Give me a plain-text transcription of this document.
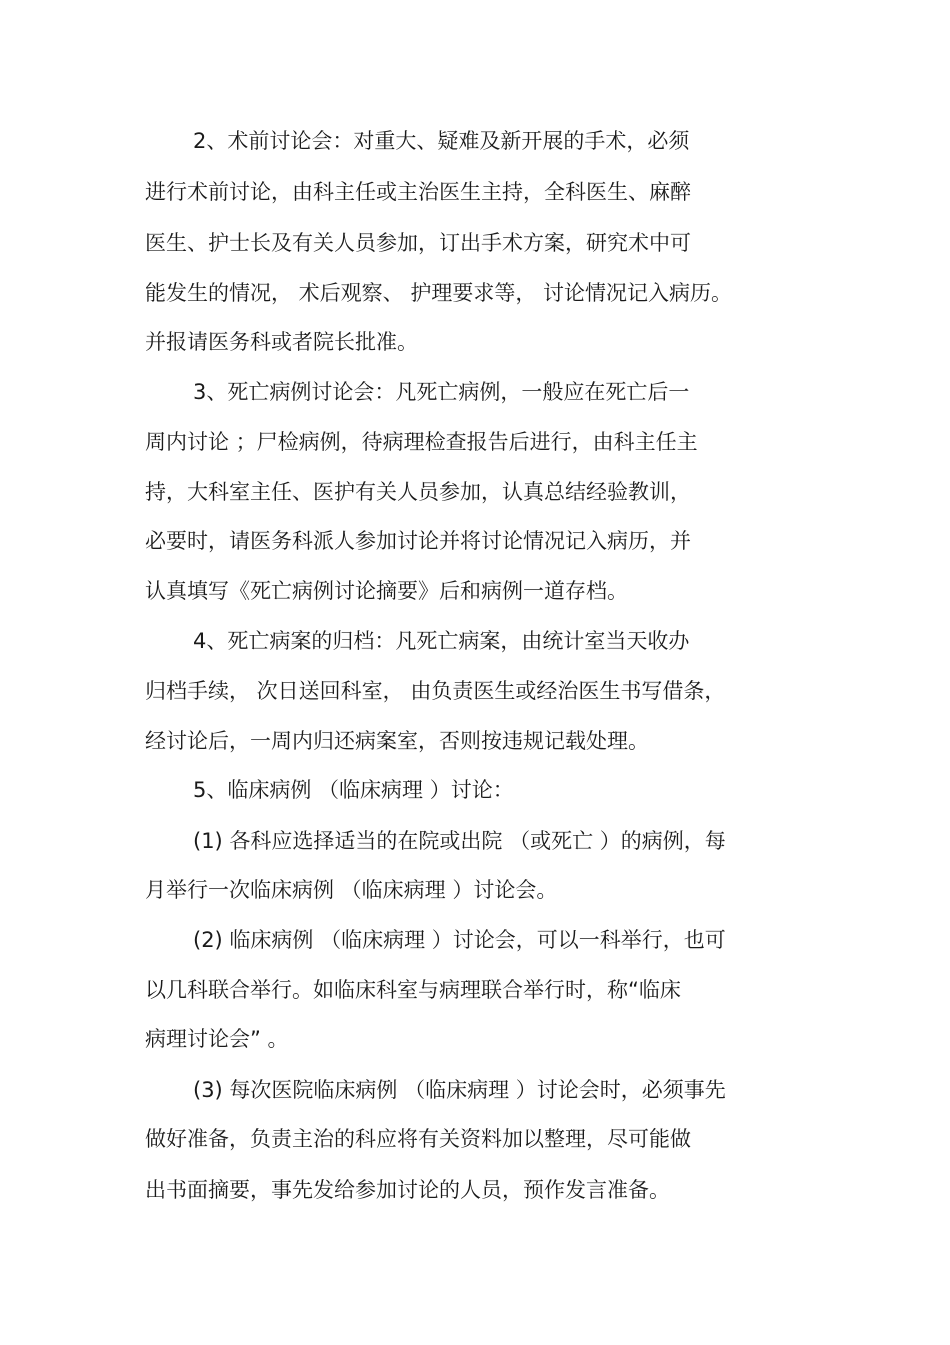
2、术前讨论会：对重大、疑难及新开展的手术，必须
进行术前讨论，由科主任或主治医生主持，全科医生、麻醉
医生、护士长及有关人员参加，订出手术方案，研究术中可
能发生的情况， 术后观察、 护理要求等， 讨论情况记入病历。
并报请医务科或者院长批准。
3、死亡病例讨论会：凡死亡病例，一般应在死亡后一
周内讨论 ；尸检病例，待病理检查报告后进行，由科主任主
持，大科室主任、医护有关人员参加，认真总结经验教训，
必要时，请医务科派人参加讨论并将讨论情况记入病历，并
认真填写《死亡病例讨论摘要》后和病例一道存档。
4、死亡病案的归档：凡死亡病案，由统计室当天收办
归档手续， 次日送回科室， 由负责医生或经治医生书写借条，
经讨论后，一周内归还病案室，否则按违规记载处理。
5、临床病例 （临床病理 ）讨论：
(1) 各科应选择适当的在院或出院 （或死亡 ）的病例，每
月举行一次临床病例 （临床病理 ）讨论会。
(2) 临床病例 （临床病理 ）讨论会，可以一科举行，也可
以几科联合举行。如临床科室与病理联合举行时，称“临床
病理讨论会” 。
(3) 每次医院临床病例 （临床病理 ）讨论会时，必须事先
做好准备，负责主治的科应将有关资料加以整理，尽可能做
出书面摘要，事先发给参加讨论的人员，预作发言准备。
